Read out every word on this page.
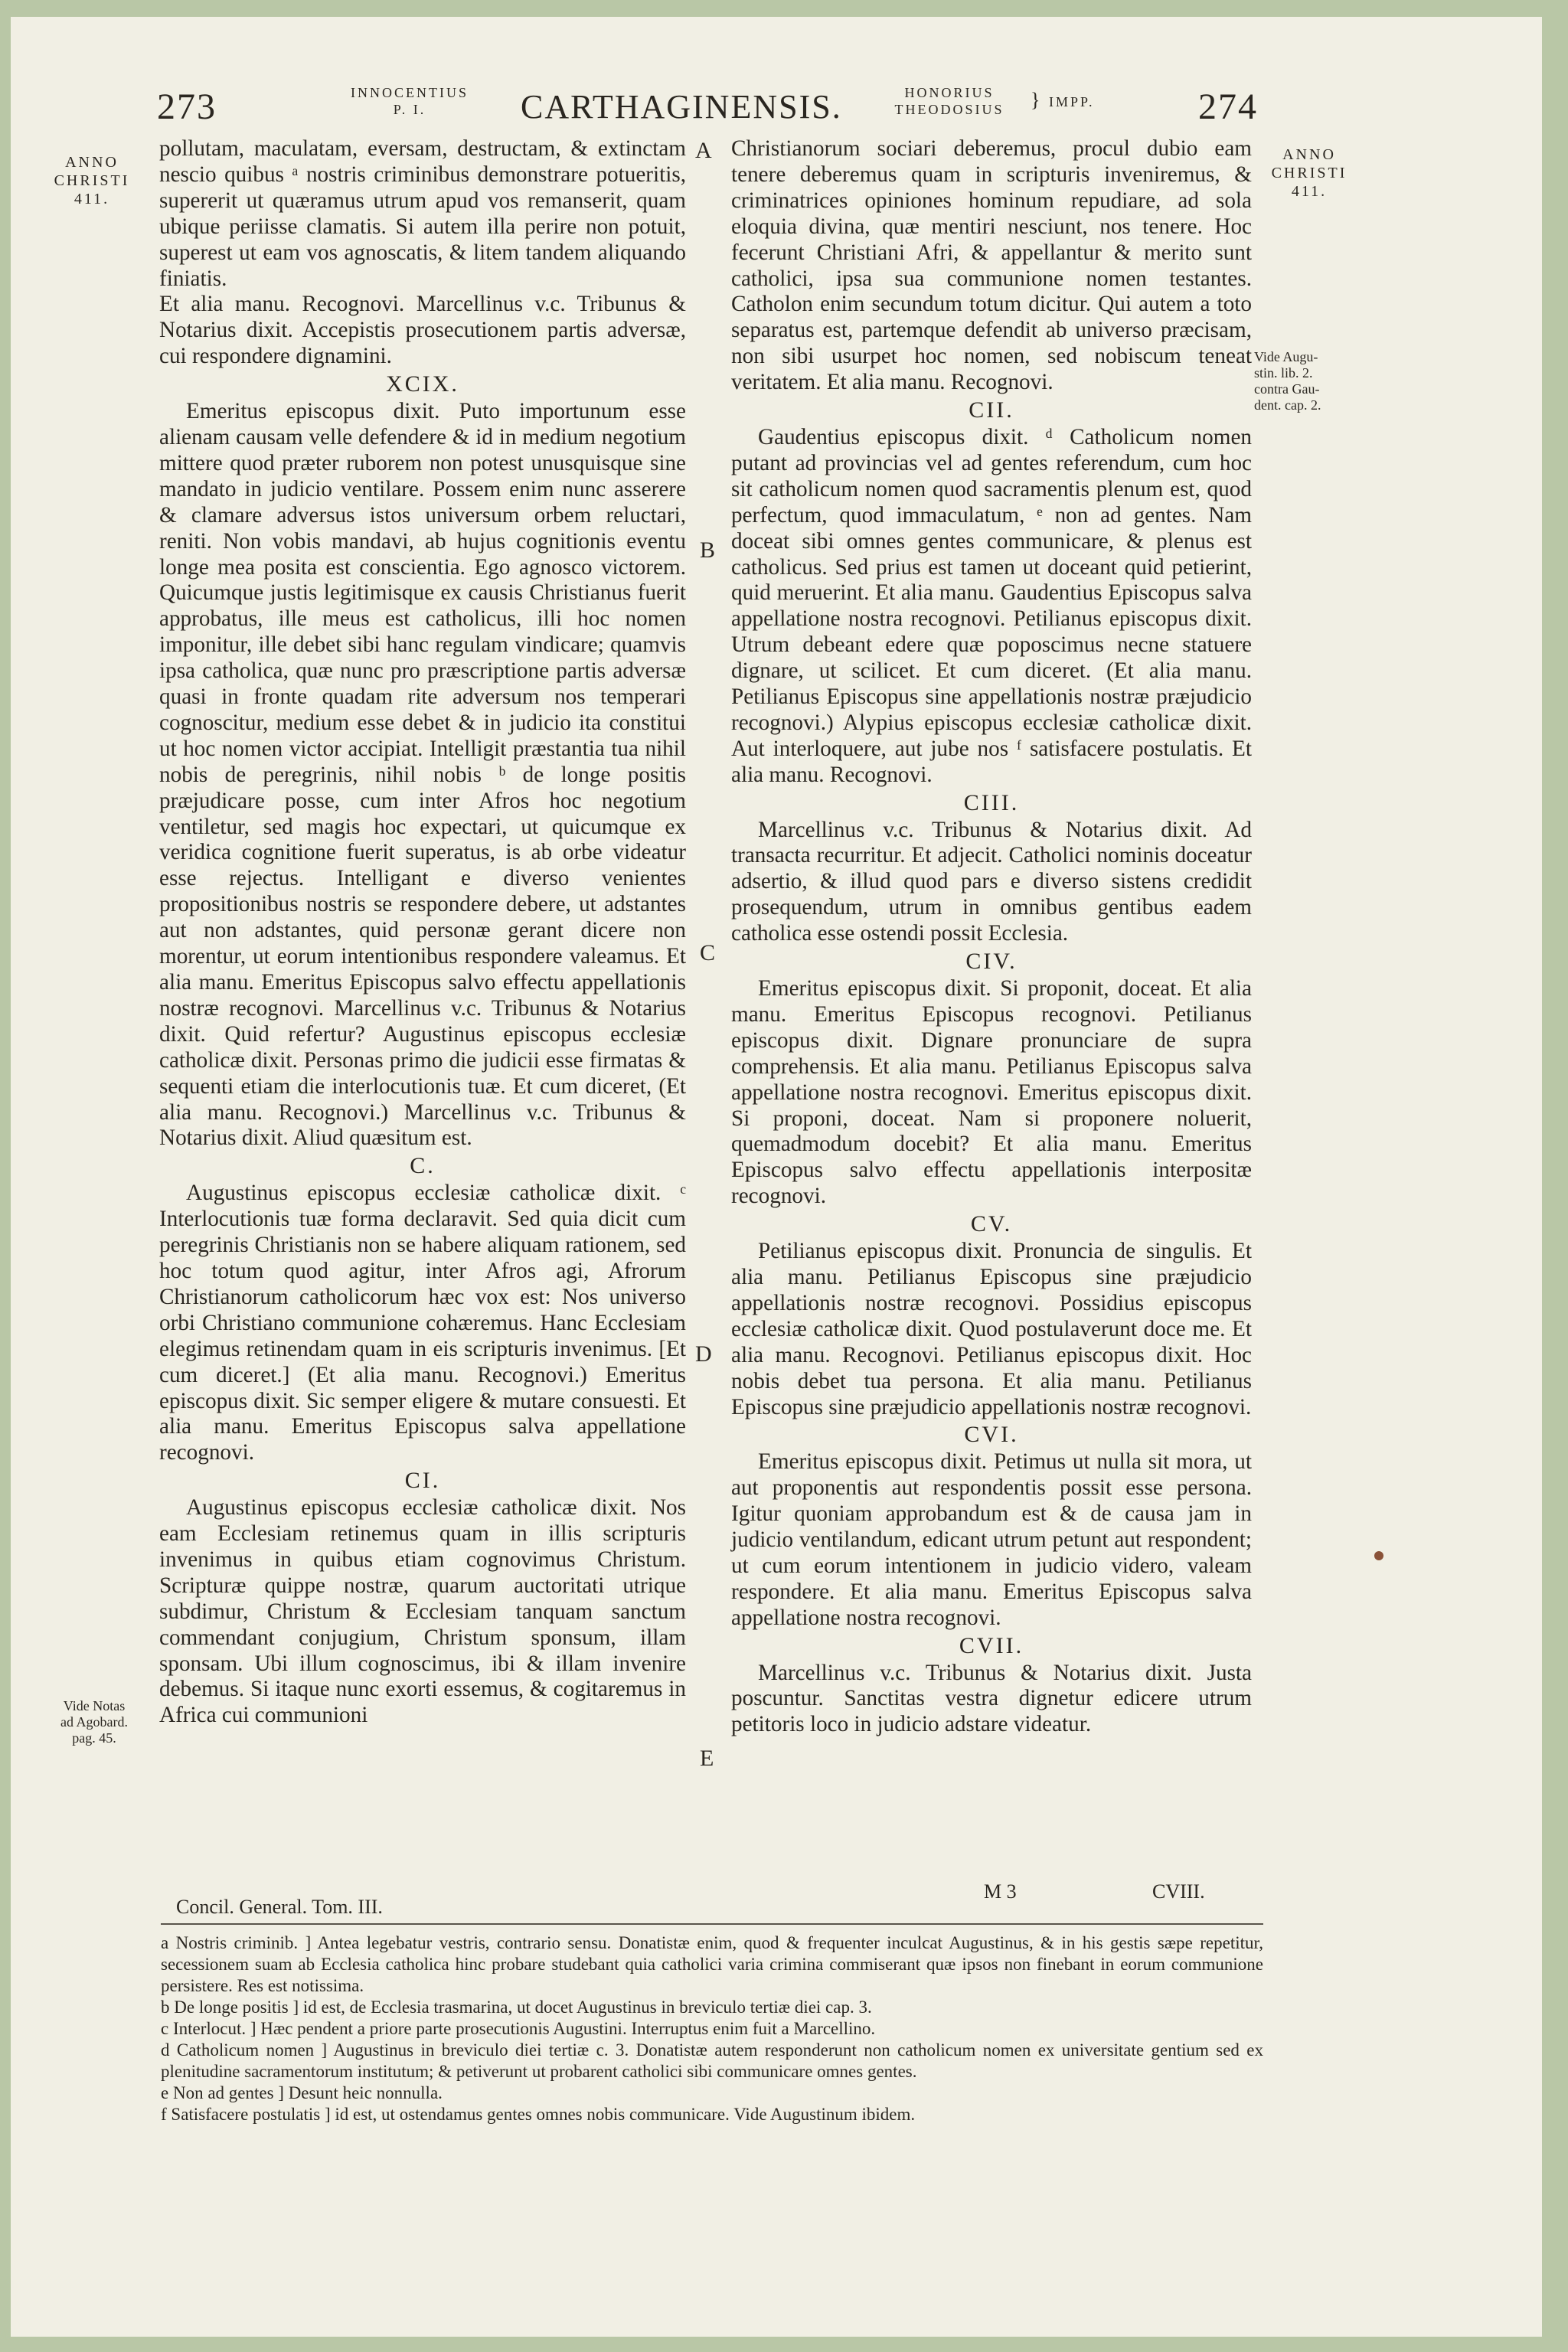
273	INNOCENTIUS
P. I.	CARTHAGINENSIS.	HONORIUS
THEODOSIUS	} IMPP.	274
ANNO
CHRISTI
411.
ANNO
CHRISTI
411.
Vide Augu-
stin. lib. 2.
contra Gau-
dent. cap. 2.
Vide Notas
ad Agobard.
pag. 45.
A
B
C
D
E

pollutam, maculatam, eversam, destructam, & extinctam nescio quibus ᵃ nostris criminibus demonstrare potueritis, supererit ut quæramus utrum apud vos remanserit, quam ubique periisse clamatis. Si autem illa perire non potuit, superest ut eam vos agnoscatis, & litem tandem aliquando finiatis.

Et alia manu. Recognovi. Marcellinus v.c. Tribunus & Notarius dixit. Accepistis prosecutionem partis adversæ, cui respondere dignamini.

XCIX.

Emeritus episcopus dixit. Puto importunum esse alienam causam velle defendere & id in medium negotium mittere quod præter ruborem non potest unusquisque sine mandato in judicio ventilare. Possem enim nunc asserere & clamare adversus istos universum orbem reluctari, reniti. Non vobis mandavi, ab hujus cognitionis eventu longe mea posita est conscientia. Ego agnosco victorem. Quicumque justis legitimisque ex causis Christianus fuerit approbatus, ille meus est catholicus, illi hoc nomen imponitur, ille debet sibi hanc regulam vindicare; quamvis ipsa catholica, quæ nunc pro præscriptione partis adversæ quasi in fronte quadam rite adversum nos temperari cognoscitur, medium esse debet & in judicio ita constitui ut hoc nomen victor accipiat. Intelligit præstantia tua nihil nobis de peregrinis, nihil nobis ᵇ de longe positis præjudicare posse, cum inter Afros hoc negotium ventiletur, sed magis hoc expectari, ut quicumque ex veridica cognitione fuerit superatus, is ab orbe videatur esse rejectus. Intelligant e diverso venientes propositionibus nostris se respondere debere, ut adstantes aut non adstantes, quid personæ gerant dicere non morentur, ut eorum intentionibus respondere valeamus. Et alia manu. Emeritus Episcopus salvo effectu appellationis nostræ recognovi. Marcellinus v.c. Tribunus & Notarius dixit. Quid refertur? Augustinus episcopus ecclesiæ catholicæ dixit. Personas primo die judicii esse firmatas & sequenti etiam die interlocutionis tuæ. Et cum diceret, (Et alia manu. Recognovi.) Marcellinus v.c. Tribunus & Notarius dixit. Aliud quæsitum est.

C.

Augustinus episcopus ecclesiæ catholicæ dixit. ᶜ Interlocutionis tuæ forma declaravit. Sed quia dicit cum peregrinis Christianis non se habere aliquam rationem, sed hoc totum quod agitur, inter Afros agi, Afrorum Christianorum catholicorum hæc vox est: Nos universo orbi Christiano communione cohæremus. Hanc Ecclesiam elegimus retinendam quam in eis scripturis invenimus. [Et cum diceret.] (Et alia manu. Recognovi.) Emeritus episcopus dixit. Sic semper eligere & mutare consuesti. Et alia manu. Emeritus Episcopus salva appellatione recognovi.

CI.

Augustinus episcopus ecclesiæ catholicæ dixit. Nos eam Ecclesiam retinemus quam in illis scripturis invenimus in quibus etiam cognovimus Christum. Scripturæ quippe nostræ, quarum auctoritati utrique subdimur, Christum & Ecclesiam tanquam sanctum commendant conjugium, Christum sponsum, illam sponsam. Ubi illum cognoscimus, ibi & illam invenire debemus. Si itaque nunc exorti essemus, & cogitaremus in Africa cui communioni

Concil. General. Tom. III.

Christianorum sociari deberemus, procul dubio eam tenere deberemus quam in scripturis inveniremus, & criminatrices opiniones hominum repudiare, ad sola eloquia divina, quæ mentiri nesciunt, nos tenere. Hoc fecerunt Christiani Afri, & appellantur & merito sunt catholici, ipsa sua communione nomen testantes. Catholon enim secundum totum dicitur. Qui autem a toto separatus est, partemque defendit ab universo præcisam, non sibi usurpet hoc nomen, sed nobiscum teneat veritatem. Et alia manu. Recognovi.

CII.

Gaudentius episcopus dixit. ᵈ Catholicum nomen putant ad provincias vel ad gentes referendum, cum hoc sit catholicum nomen quod sacramentis plenum est, quod perfectum, quod immaculatum, ᵉ non ad gentes. Nam doceat sibi omnes gentes communicare, & plenus est catholicus. Sed prius est tamen ut doceant quid petierint, quid meruerint. Et alia manu. Gaudentius Episcopus salva appellatione nostra recognovi. Petilianus episcopus dixit. Utrum debeant edere quæ poposcimus necne statuere dignare, ut scilicet. Et cum diceret. (Et alia manu. Petilianus Episcopus sine appellationis nostræ præjudicio recognovi.) Alypius episcopus ecclesiæ catholicæ dixit. Aut interloquere, aut jube nos ᶠ satisfacere postulatis. Et alia manu. Recognovi.

CIII.

Marcellinus v.c. Tribunus & Notarius dixit. Ad transacta recurritur. Et adjecit. Catholici nominis doceatur adsertio, & illud quod pars e diverso sistens credidit prosequendum, utrum in omnibus gentibus eadem catholica esse ostendi possit Ecclesia.

CIV.

Emeritus episcopus dixit. Si proponit, doceat. Et alia manu. Emeritus Episcopus recognovi. Petilianus episcopus dixit. Dignare pronunciare de supra comprehensis. Et alia manu. Petilianus Episcopus salva appellatione nostra recognovi. Emeritus episcopus dixit. Si proponi, doceat. Nam si proponere noluerit, quemadmodum docebit? Et alia manu. Emeritus Episcopus salvo effectu appellationis interpositæ recognovi.

CV.

Petilianus episcopus dixit. Pronuncia de singulis. Et alia manu. Petilianus Episcopus sine præjudicio appellationis nostræ recognovi. Possidius episcopus ecclesiæ catholicæ dixit. Quod postulaverunt doce me. Et alia manu. Recognovi. Petilianus episcopus dixit. Hoc nobis debet tua persona. Et alia manu. Petilianus Episcopus sine præjudicio appellationis nostræ recognovi.

CVI.

Emeritus episcopus dixit. Petimus ut nulla sit mora, ut aut proponentis aut respondentis possit esse persona. Igitur quoniam approbandum est & de causa jam in judicio ventilandum, edicant utrum petunt aut respondent; ut cum eorum intentionem in judicio videro, valeam respondere. Et alia manu. Emeritus Episcopus salva appellatione nostra recognovi.

CVII.

Marcellinus v.c. Tribunus & Notarius dixit. Justa poscuntur. Sanctitas vestra dignetur edicere utrum petitoris loco in judicio adstare videatur.

M 3	CVIII.
a Nostris criminib. ] Antea legebatur vestris, contrario sensu. Donatistæ enim, quod & frequenter inculcat Augustinus, & in his gestis sæpe repetitur, secessionem suam ab Ecclesia catholica hinc probare studebant quia catholici varia crimina commiserant quæ ipsos non finebant in eorum communione persistere. Res est notissima.
b De longe positis ] id est, de Ecclesia trasmarina, ut docet Augustinus in breviculo tertiæ diei cap. 3.
c Interlocut. ] Hæc pendent a priore parte prosecutionis Augustini. Interruptus enim fuit a Marcellino.
d Catholicum nomen ] Augustinus in breviculo diei tertiæ c. 3. Donatistæ autem responderunt non catholicum nomen ex universitate gentium sed ex plenitudine sacramentorum institutum; & petiverunt ut probarent catholici sibi communicare omnes gentes.
e Non ad gentes ] Desunt heic nonnulla.
f Satisfacere postulatis ] id est, ut ostendamus gentes omnes nobis communicare. Vide Augustinum ibidem.
